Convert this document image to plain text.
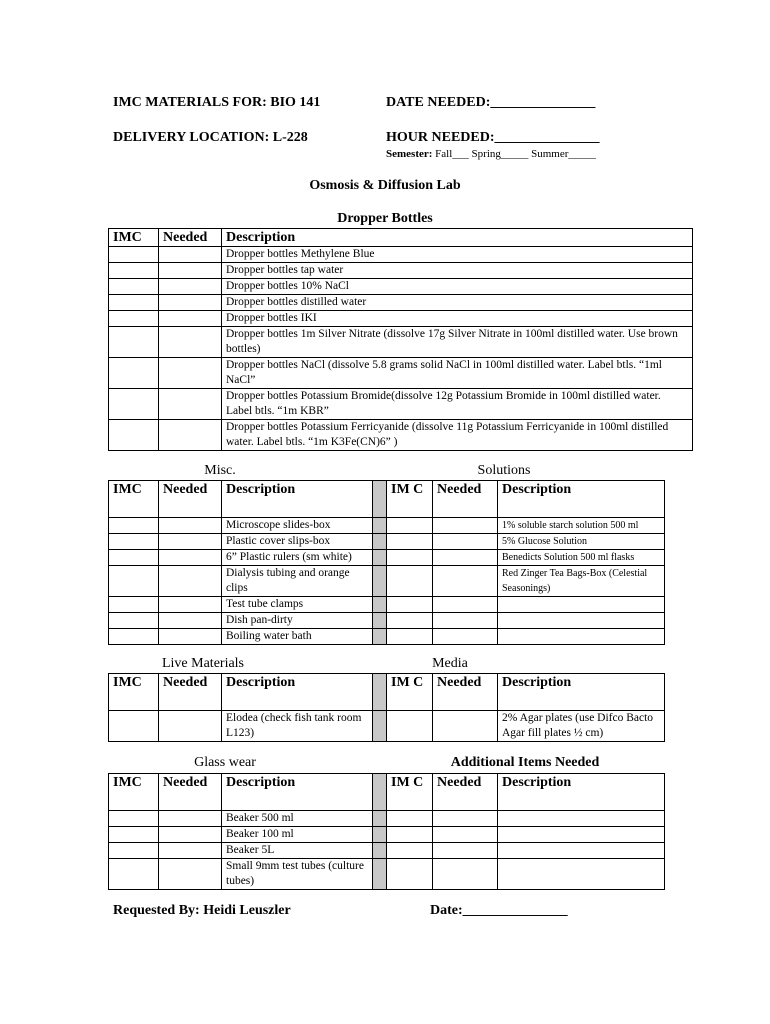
IMC MATERIALS FOR: BIO 141	DATE NEEDED:_______________
DELIVERY LOCATION: L-228	HOUR NEEDED:_______________
Semester: Fall___ Spring_____ Summer_____
Osmosis & Diffusion Lab
Dropper Bottles
IMC	Needed	Description
		Dropper bottles Methylene Blue
		Dropper bottles tap water
		Dropper bottles 10% NaCl
		Dropper bottles distilled water
		Dropper bottles IKI
		Dropper bottles 1m Silver Nitrate (dissolve 17g Silver Nitrate in 100ml distilled water. Use brown bottles)
		Dropper bottles NaCl (dissolve 5.8 grams solid NaCl in 100ml distilled water. Label btls. “1ml NaCl”
		Dropper bottles Potassium Bromide(dissolve 12g Potassium Bromide in 100ml distilled water. Label btls. “1m KBR”
		Dropper bottles Potassium Ferricyanide (dissolve 11g Potassium Ferricyanide in 100ml distilled water. Label btls. “1m K3Fe(CN)6” )
Misc.	Solutions
IMC	Needed	Description		IM C	Needed	Description
		Microscope slides-box				1% soluble starch solution 500 ml
		Plastic cover slips-box				5% Glucose Solution
		6” Plastic rulers (sm white)				Benedicts Solution 500 ml flasks
		Dialysis tubing and orange clips				Red Zinger Tea Bags-Box (Celestial Seasonings)
		Test tube clamps				
		Dish pan-dirty				
		Boiling water bath				
Live Materials	Media
IMC	Needed	Description		IM C	Needed	Description
		Elodea (check fish tank room L123)				2% Agar plates (use Difco Bacto Agar fill plates ½ cm)
Glass wear	Additional Items Needed
IMC	Needed	Description		IM C	Needed	Description
		Beaker 500 ml				
		Beaker 100 ml				
		Beaker 5L				
		Small 9mm test tubes (culture tubes)				
Requested By: Heidi Leuszler	Date:_______________
